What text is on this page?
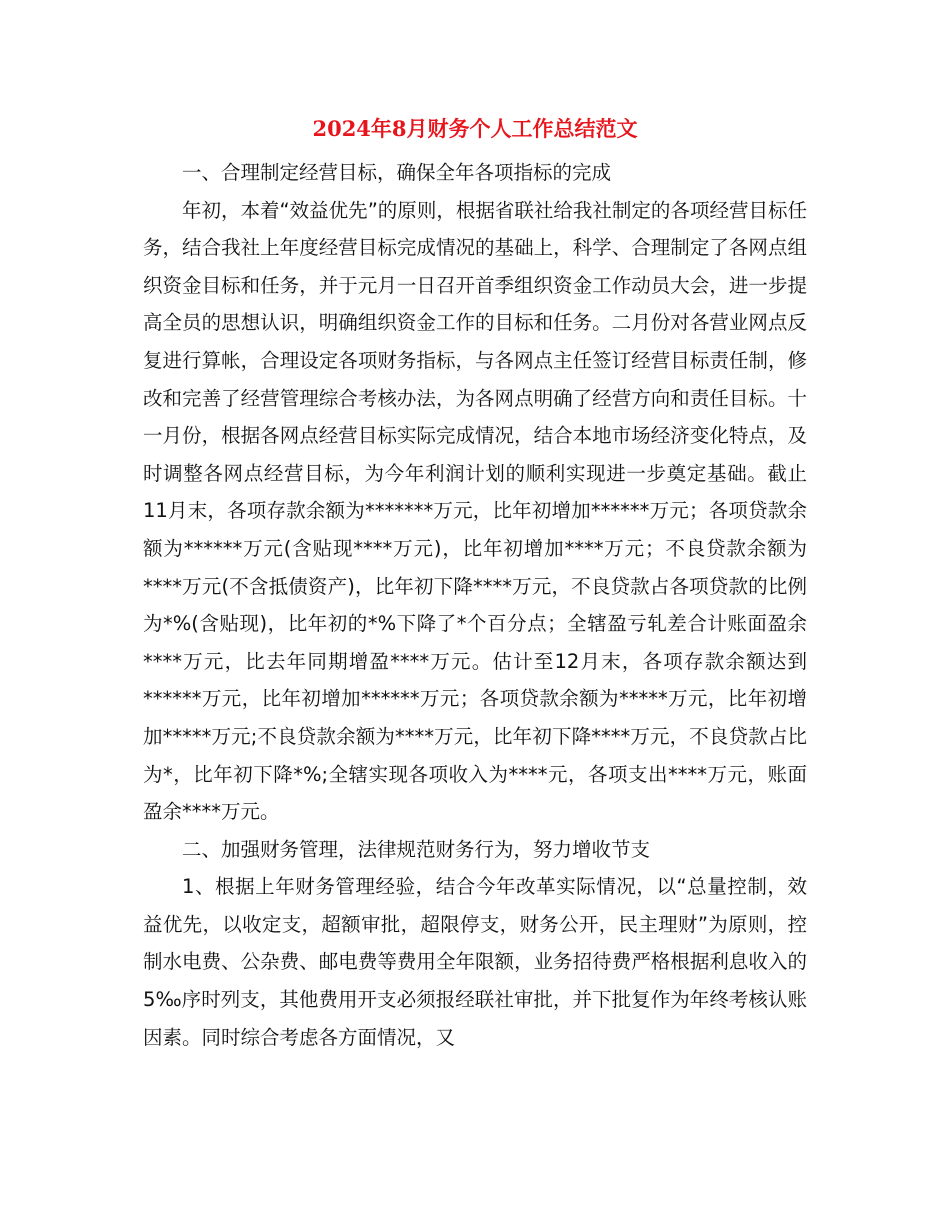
2024年8月财务个人工作总结范文

一、合理制定经营目标，确保全年各项指标的完成

年初，本着“效益优先”的原则，根据省联社给我社制定的各项经营目标任务，结合我社上年度经营目标完成情况的基础上，科学、合理制定了各网点组织资金目标和任务，并于元月一日召开首季组织资金工作动员大会，进一步提高全员的思想认识，明确组织资金工作的目标和任务。二月份对各营业网点反复进行算帐，合理设定各项财务指标，与各网点主任签订经营目标责任制，修改和完善了经营管理综合考核办法，为各网点明确了经营方向和责任目标。十一月份，根据各网点经营目标实际完成情况，结合本地市场经济变化特点，及时调整各网点经营目标，为今年利润计划的顺利实现进一步奠定基础。截止11月末，各项存款余额为*******万元，比年初增加******万元；各项贷款余额为******万元(含贴现****万元)，比年初增加****万元；不良贷款余额为****万元(不含抵债资产)，比年初下降****万元，不良贷款占各项贷款的比例为*%(含贴现)，比年初的*%下降了*个百分点；全辖盈亏轧差合计账面盈余****万元，比去年同期增盈****万元。估计至12月末，各项存款余额达到******万元，比年初增加******万元；各项贷款余额为*****万元，比年初增加*****万元;不良贷款余额为****万元，比年初下降****万元，不良贷款占比为*，比年初下降*%;全辖实现各项收入为****元，各项支出****万元，账面盈余****万元。

二、加强财务管理，法律规范财务行为，努力增收节支

1、根据上年财务管理经验，结合今年改革实际情况，以“总量控制，效益优先，以收定支，超额审批，超限停支，财务公开，民主理财”为原则，控制水电费、公杂费、邮电费等费用全年限额，业务招待费严格根据利息收入的5‰序时列支，其他费用开支必须报经联社审批，并下批复作为年终考核认账因素。同时综合考虑各方面情况，又
